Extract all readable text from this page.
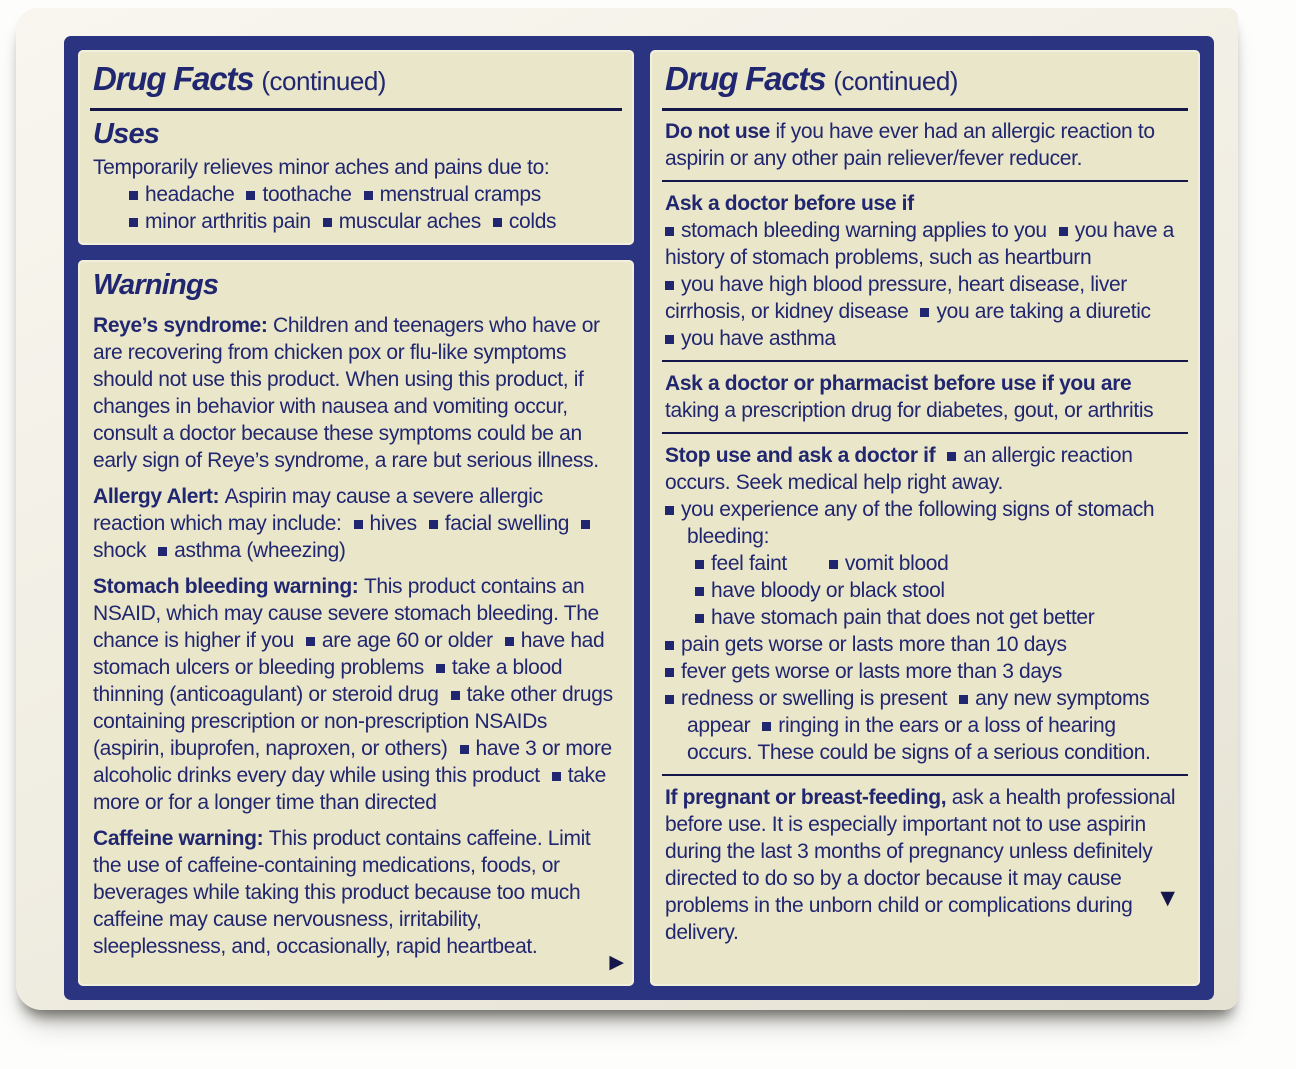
Drug Facts (continued)
Uses
Temporarily relieves minor aches and pains due to:
headache toothache menstrual cramps
minor arthritis pain muscular aches colds
Warnings
Reye’s syndrome: Children and teenagers who have or are recovering from chicken pox or flu-like symptoms should not use this product. When using this product, if changes in behavior with nausea and vomiting occur, consult a doctor because these symptoms could be an early sign of Reye’s syndrome, a rare but serious illness.
Allergy Alert: Aspirin may cause a severe allergic reaction which may include: hives facial swellingshock asthma (wheezing)
Stomach bleeding warning: This product contains an NSAID, which may cause severe stomach bleeding. The chance is higher if you are age 60 or older have had stomach ulcers or bleeding problems take a blood thinning (anticoagulant) or steroid drug take other drugs containing prescription or non-prescription NSAIDs (aspirin, ibuprofen, naproxen, or others) have 3 or more alcoholic drinks every day while using this product take more or for a longer time than directed
Caffeine warning: This product contains caffeine. Limit the use of caffeine-containing medications, foods, or beverages while taking this product because too much caffeine may cause nervousness, irritability, sleeplessness, and, occasionally, rapid heartbeat.
▶
Drug Facts (continued)
Do not use if you have ever had an allergic reaction to aspirin or any other pain reliever/fever reducer.
Ask a doctor before use if
stomach bleeding warning applies to you you have a history of stomach problems, such as heartburn
you have high blood pressure, heart disease, liver cirrhosis, or kidney disease you are taking a diuretic
you have asthma
Ask a doctor or pharmacist before use if you are taking a prescription drug for diabetes, gout, or arthritis
Stop use and ask a doctor if an allergic reaction occurs. Seek medical help right away.
you experience any of the following signs of stomach bleeding:
feel faint	vomit blood
have bloody or black stool
have stomach pain that does not get better
pain gets worse or lasts more than 10 days
fever gets worse or lasts more than 3 days
redness or swelling is present any new symptoms appear ringing in the ears or a loss of hearing occurs. These could be signs of a serious condition.
If pregnant or breast-feeding, ask a health professional before use. It is especially important not to use aspirin during the last 3 months of pregnancy unless definitely directed to do so by a doctor because it may cause problems in the unborn child or complications during delivery.
▼
